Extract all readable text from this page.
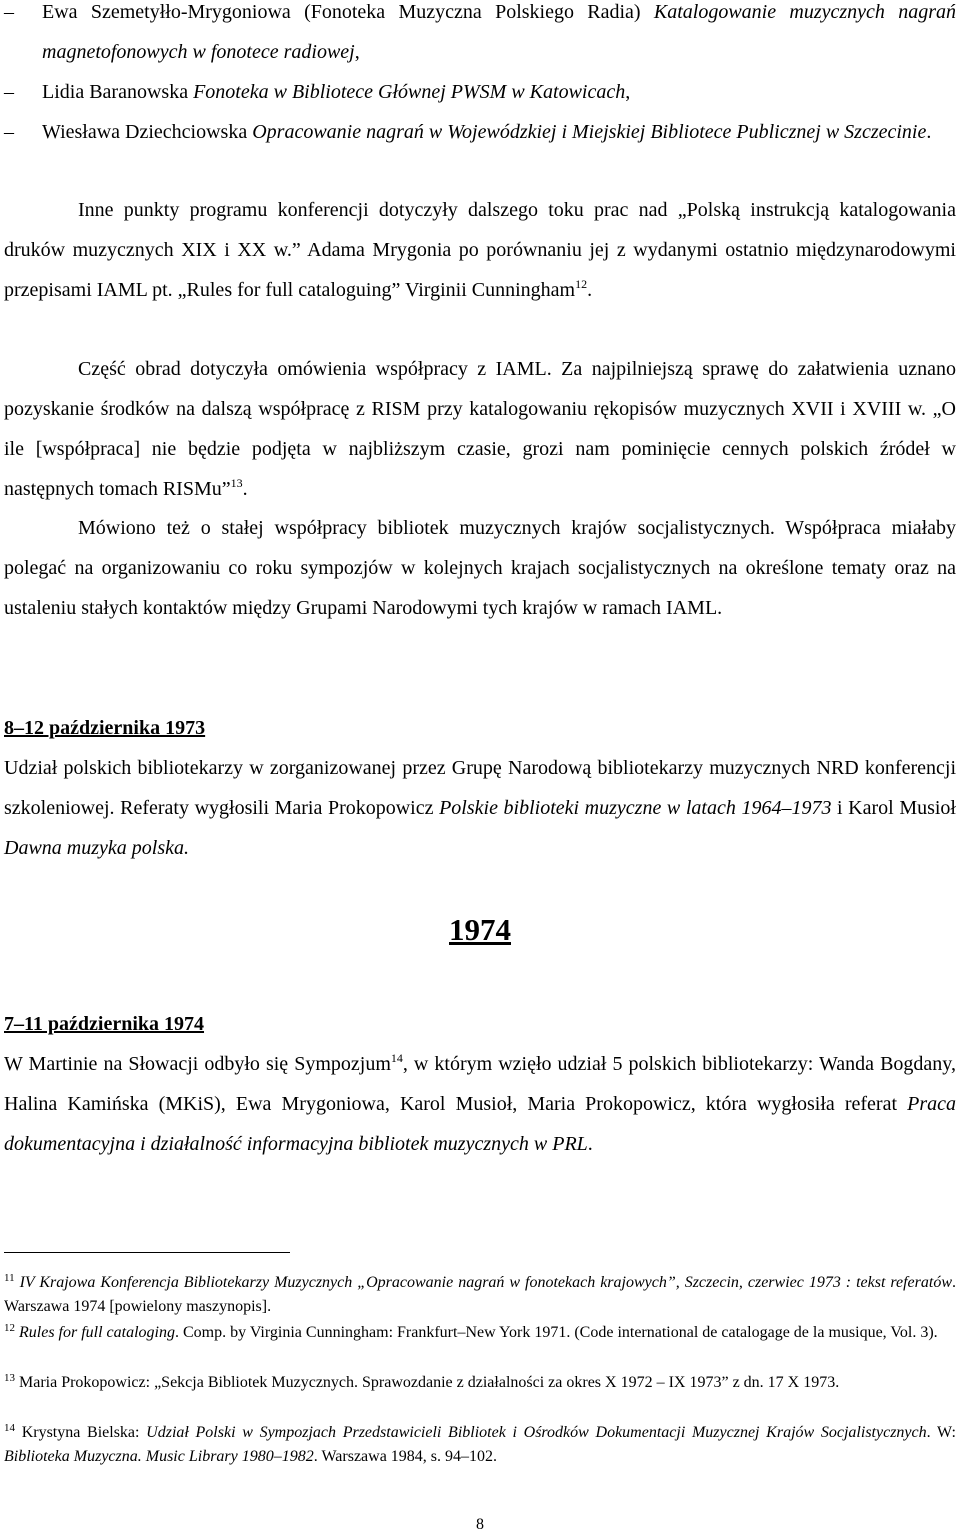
–	Ewa Szemetyłło-Mrygoniowa (Fonoteka Muzyczna Polskiego Radia) Katalogowanie muzycznych nagrań magnetofonowych w fonotece radiowej,
–	Lidia Baranowska Fonoteka w Bibliotece Głównej PWSM w Katowicach,
–	Wiesława Dziechciowska Opracowanie nagrań w Wojewódzkiej i Miejskiej Bibliotece Publicznej w Szczecinie.
Inne punkty programu konferencji dotyczyły dalszego toku prac nad „Polską instrukcją katalogowania druków muzycznych XIX i XX w.” Adama Mrygonia po porównaniu jej z wydanymi ostatnio międzynarodowymi przepisami IAML pt. „Rules for full cataloguing” Virginii Cunningham$^{12}$.
Część obrad dotyczyła omówienia współpracy z IAML. Za najpilniejszą sprawę do załatwienia uznano pozyskanie środków na dalszą współpracę z RISM przy katalogowaniu rękopisów muzycznych XVII i XVIII w. „O ile [współpraca] nie będzie podjęta w najbliższym czasie, grozi nam pominięcie cennych polskich źródeł w następnych tomach RISMu”$^{13}$.
Mówiono też o stałej współpracy bibliotek muzycznych krajów socjalistycznych. Współpraca miałaby polegać na organizowaniu co roku sympozjów w kolejnych krajach socjalistycznych na określone tematy oraz na ustaleniu stałych kontaktów między Grupami Narodowymi tych krajów w ramach IAML.
8–12 października 1973
Udział polskich bibliotekarzy w zorganizowanej przez Grupę Narodową bibliotekarzy muzycznych NRD konferencji szkoleniowej. Referaty wygłosili Maria Prokopowicz Polskie biblioteki muzyczne w latach 1964–1973 i Karol Musioł Dawna muzyka polska.
1974
7–11 października 1974
W Martinie na Słowacji odbyło się Sympozjum$^{14}$, w którym wzięło udział 5 polskich bibliotekarzy: Wanda Bogdany, Halina Kamińska (MKiS), Ewa Mrygoniowa, Karol Musioł, Maria Prokopowicz, która wygłosiła referat Praca dokumentacyjna i działalność informacyjna bibliotek muzycznych w PRL.
$^{11}$ IV Krajowa Konferencja Bibliotekarzy Muzycznych „Opracowanie nagrań w fonotekach krajowych”, Szczecin, czerwiec 1973 : tekst referatów. Warszawa 1974 [powielony maszynopis].
$^{12}$ Rules for full cataloging. Comp. by Virginia Cunningham: Frankfurt–New York 1971. (Code international de catalogage de la musique, Vol. 3).
$^{13}$ Maria Prokopowicz: „Sekcja Bibliotek Muzycznych. Sprawozdanie z działalności za okres X 1972 – IX 1973” z dn. 17 X 1973.
$^{14}$ Krystyna Bielska: Udział Polski w Sympozjach Przedstawicieli Bibliotek i Ośrodków Dokumentacji Muzycznej Krajów Socjalistycznych. W: Biblioteka Muzyczna. Music Library 1980–1982. Warszawa 1984, s. 94–102.
8
